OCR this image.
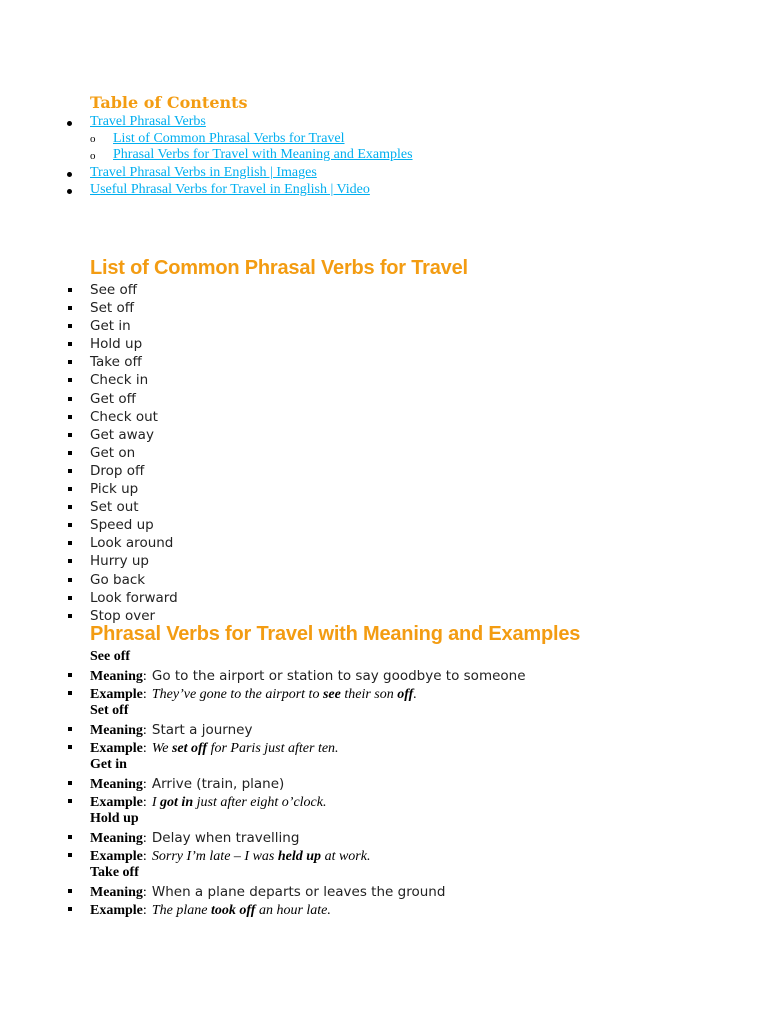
Table of Contents
Travel Phrasal Verbs
o List of Common Phrasal Verbs for Travel
o Phrasal Verbs for Travel with Meaning and Examples
Travel Phrasal Verbs in English | Images
Useful Phrasal Verbs for Travel in English | Video
List of Common Phrasal Verbs for Travel
See off
Set off
Get in
Hold up
Take off
Check in
Get off
Check out
Get away
Get on
Drop off
Pick up
Set out
Speed up
Look around
Hurry up
Go back
Look forward
Stop over
Phrasal Verbs for Travel with Meaning and Examples
See off
Meaning: Go to the airport or station to say goodbye to someone
Example: They’ve gone to the airport to see their son off.
Set off
Meaning: Start a journey
Example: We set off for Paris just after ten.
Get in
Meaning: Arrive (train, plane)
Example: I got in just after eight o’clock.
Hold up
Meaning: Delay when travelling
Example: Sorry I’m late – I was held up at work.
Take off
Meaning: When a plane departs or leaves the ground
Example: The plane took off an hour late.
